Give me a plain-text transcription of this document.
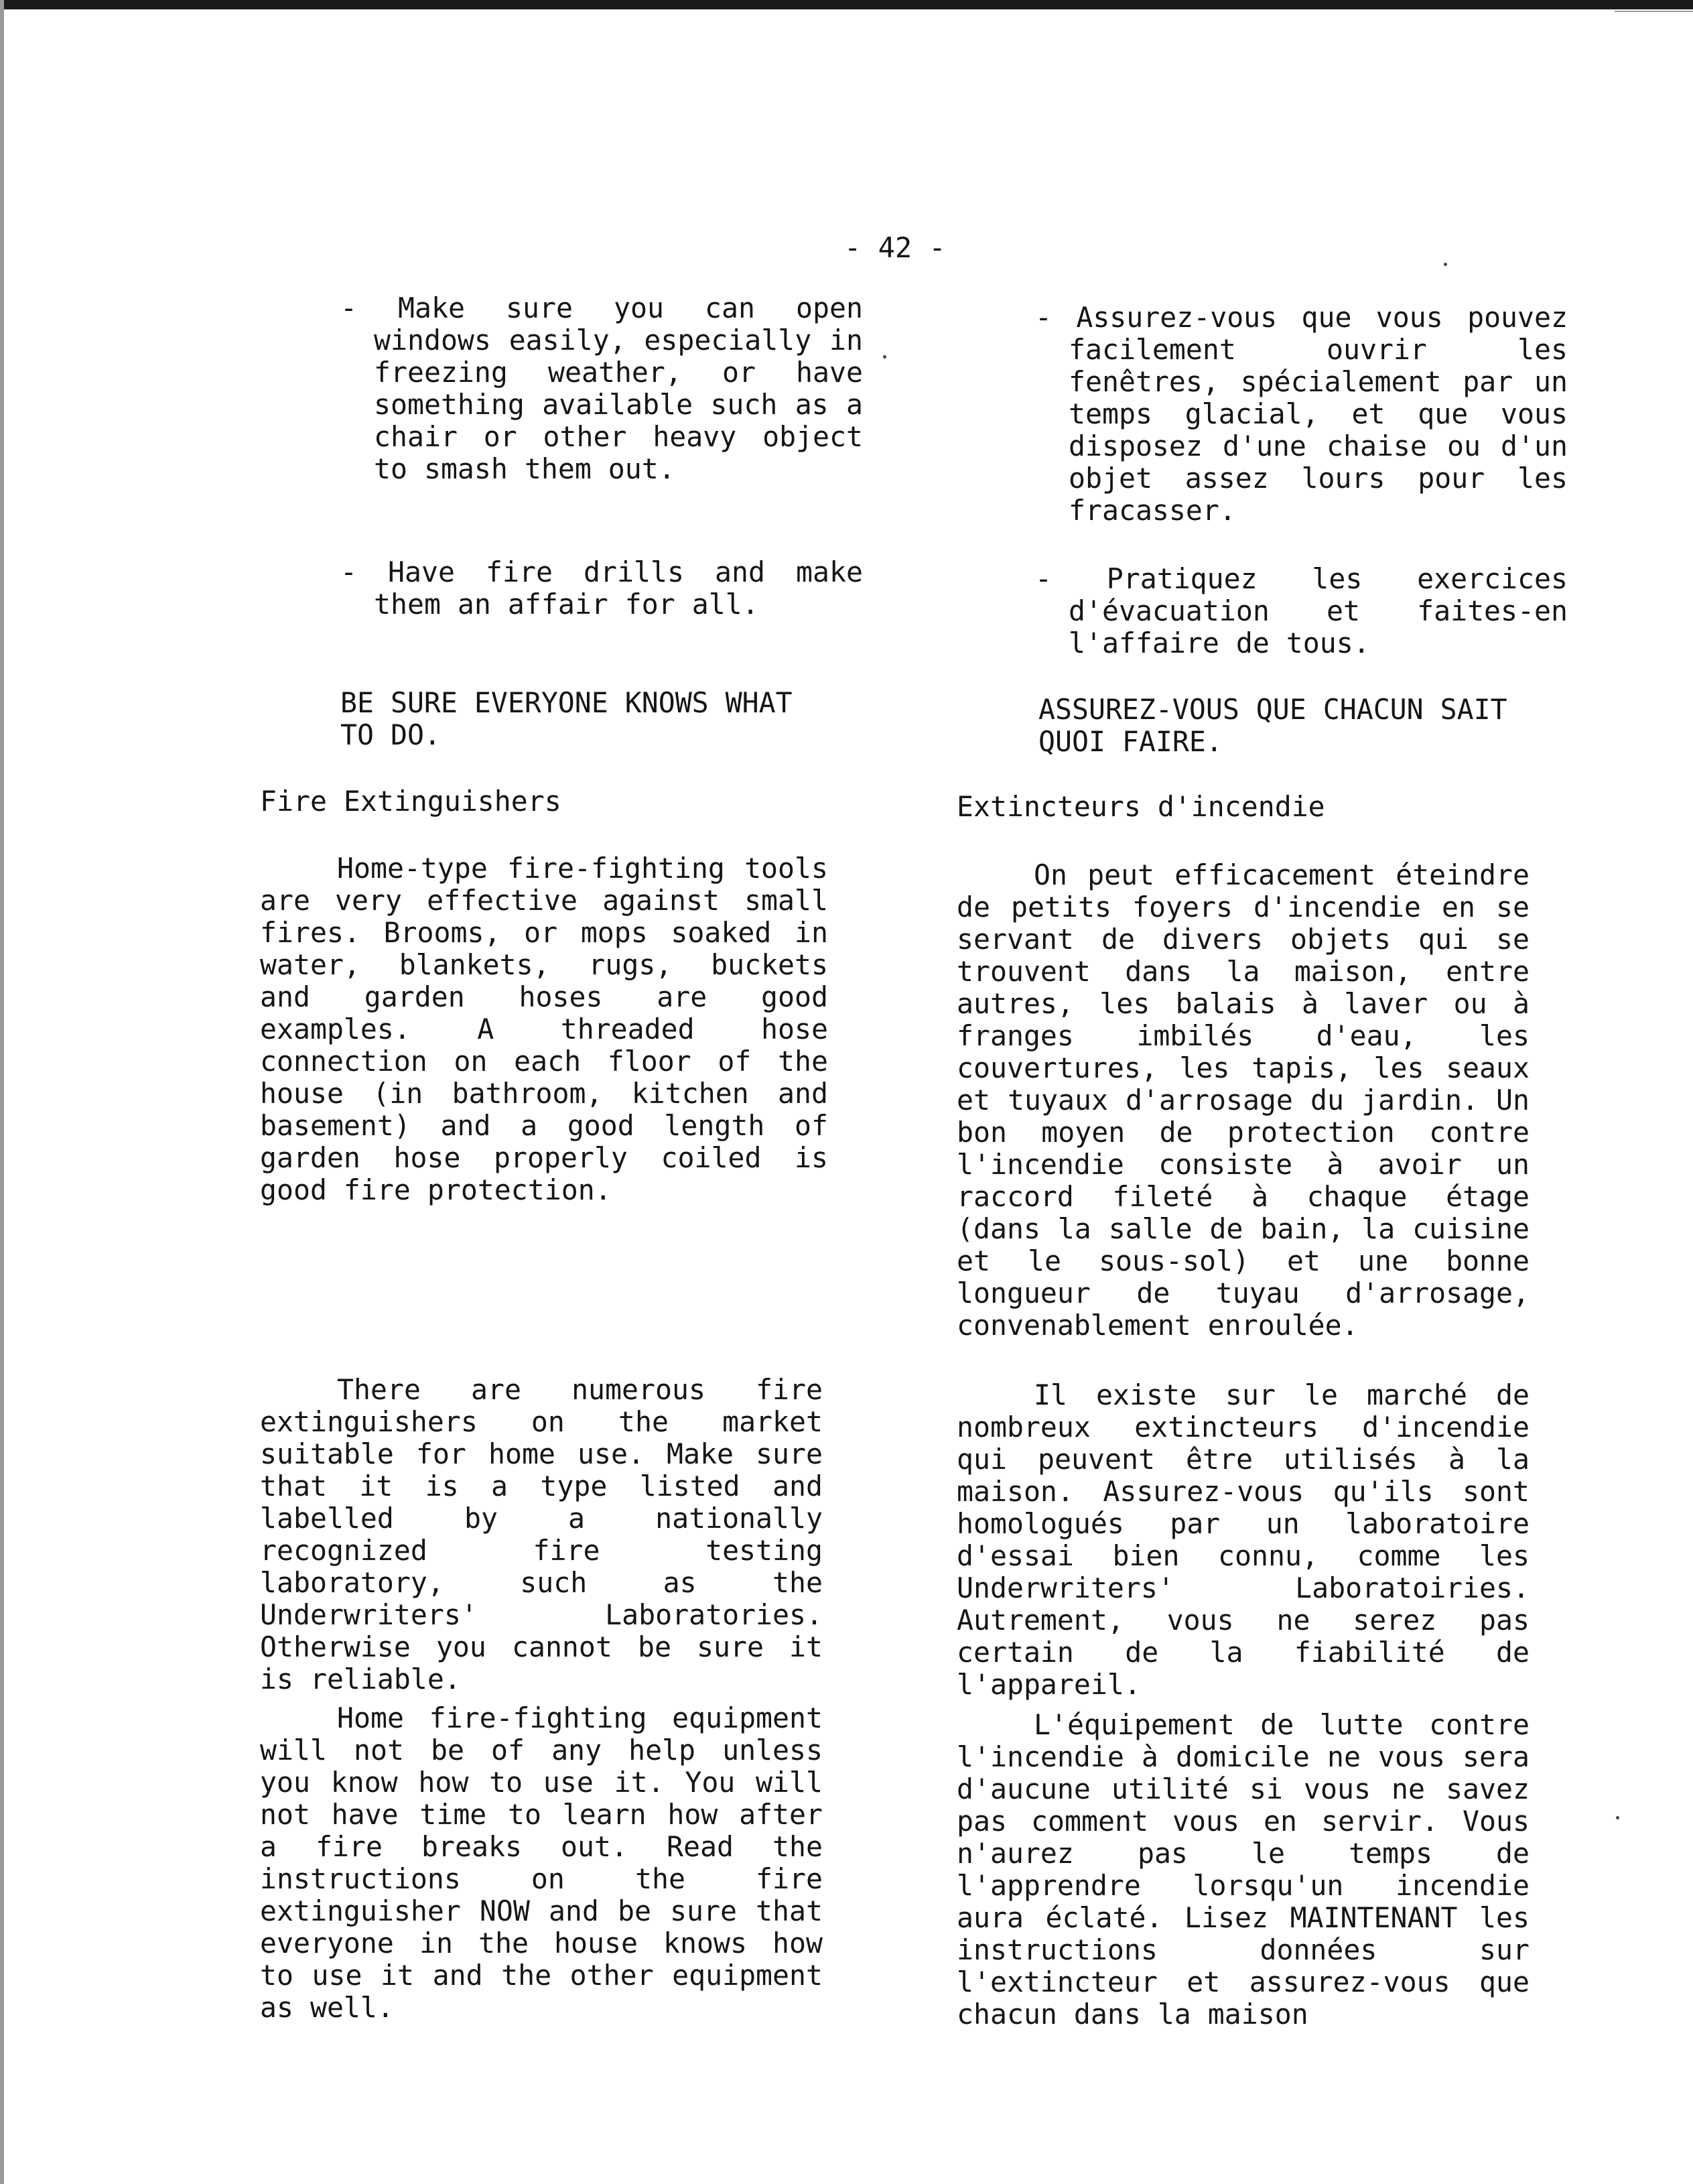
- 42 -
- Make sure you can open windows easily, especially in freezing weather, or have something available such as a chair or other heavy object to smash them out.
- Have fire drills and make them an affair for all.
BE SURE EVERYONE KNOWS WHAT TO DO.
Fire Extinguishers
Home-type fire-fighting tools are very effective against small fires. Brooms, or mops soaked in water, blankets, rugs, buckets and garden hoses are good examples. A threaded hose connection on each floor of the house (in bathroom, kitchen and basement) and a good length of garden hose properly coiled is good fire protection.
There are numerous fire extinguishers on the market suitable for home use. Make sure that it is a type listed and labelled by a nationally recognized fire testing laboratory, such as the Underwriters' Laboratories. Otherwise you cannot be sure it is reliable.
Home fire-fighting equipment will not be of any help unless you know how to use it. You will not have time to learn how after a fire breaks out. Read the instructions on the fire extinguisher NOW and be sure that everyone in the house knows how to use it and the other equipment as well.
- Assurez-vous que vous pouvez facilement ouvrir les fenêtres, spécialement par un temps glacial, et que vous disposez d'une chaise ou d'un objet assez lours pour les fracasser.
- Pratiquez les exercices d'évacuation et faites-en l'affaire de tous.
ASSUREZ-VOUS QUE CHACUN SAIT QUOI FAIRE.
Extincteurs d'incendie
On peut efficacement éteindre de petits foyers d'incendie en se servant de divers objets qui se trouvent dans la maison, entre autres, les balais à laver ou à franges imbilés d'eau, les couvertures, les tapis, les seaux et tuyaux d'arrosage du jardin. Un bon moyen de protection contre l'incendie consiste à avoir un raccord fileté à chaque étage (dans la salle de bain, la cuisine et le sous-sol) et une bonne longueur de tuyau d'arrosage, convenablement enroulée.
Il existe sur le marché de nombreux extincteurs d'incendie qui peuvent être utilisés à la maison. Assurez-vous qu'ils sont homologués par un laboratoire d'essai bien connu, comme les Underwriters' Laboratoiries. Autrement, vous ne serez pas certain de la fiabilité de l'appareil.
L'équipement de lutte contre l'incendie à domicile ne vous sera d'aucune utilité si vous ne savez pas comment vous en servir. Vous n'aurez pas le temps de l'apprendre lorsqu'un incendie aura éclaté. Lisez MAINTENANT les instructions données sur l'extincteur et assurez-vous que chacun dans la maison
